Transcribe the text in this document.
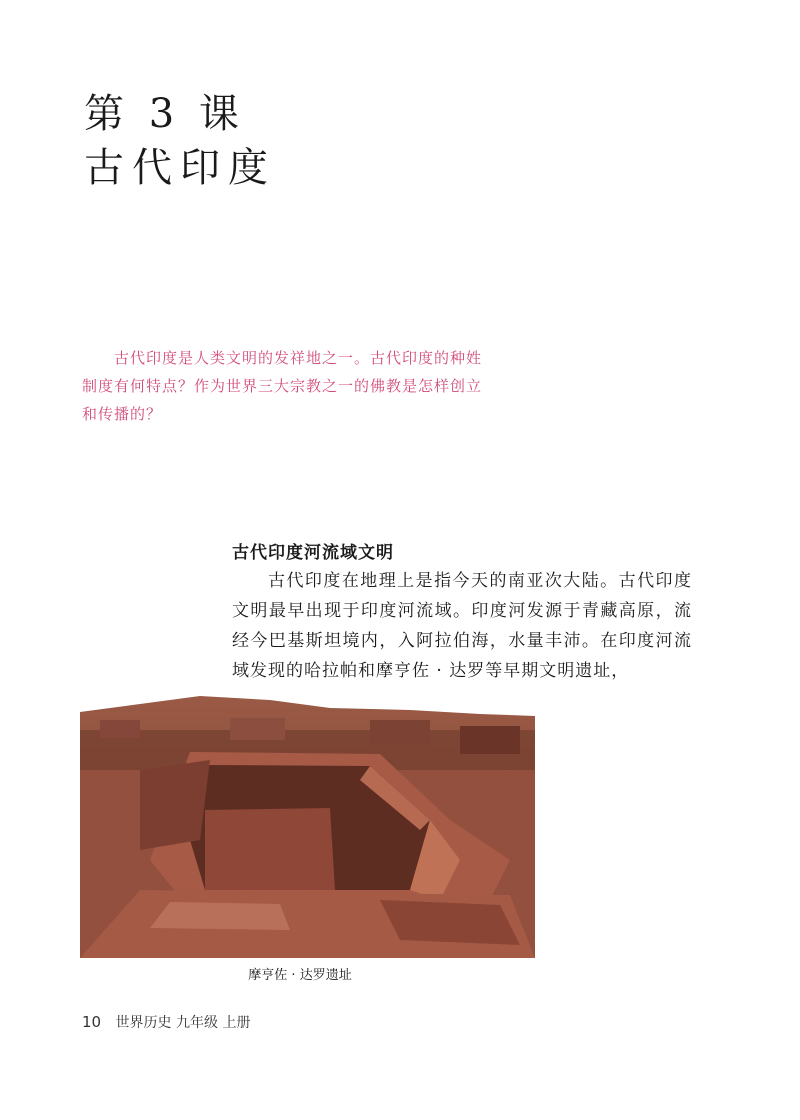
第 3 课
古代印度
古代印度是人类文明的发祥地之一。古代印度的种姓制度有何特点？作为世界三大宗教之一的佛教是怎样创立和传播的？
古代印度河流域文明
古代印度在地理上是指今天的南亚次大陆。古代印度文明最早出现于印度河流域。印度河发源于青藏高原，流经今巴基斯坦境内，入阿拉伯海，水量丰沛。在印度河流域发现的哈拉帕和摩亨佐 · 达罗等早期文明遗址，
摩亨佐 · 达罗遗址
10 世界历史 九年级 上册
